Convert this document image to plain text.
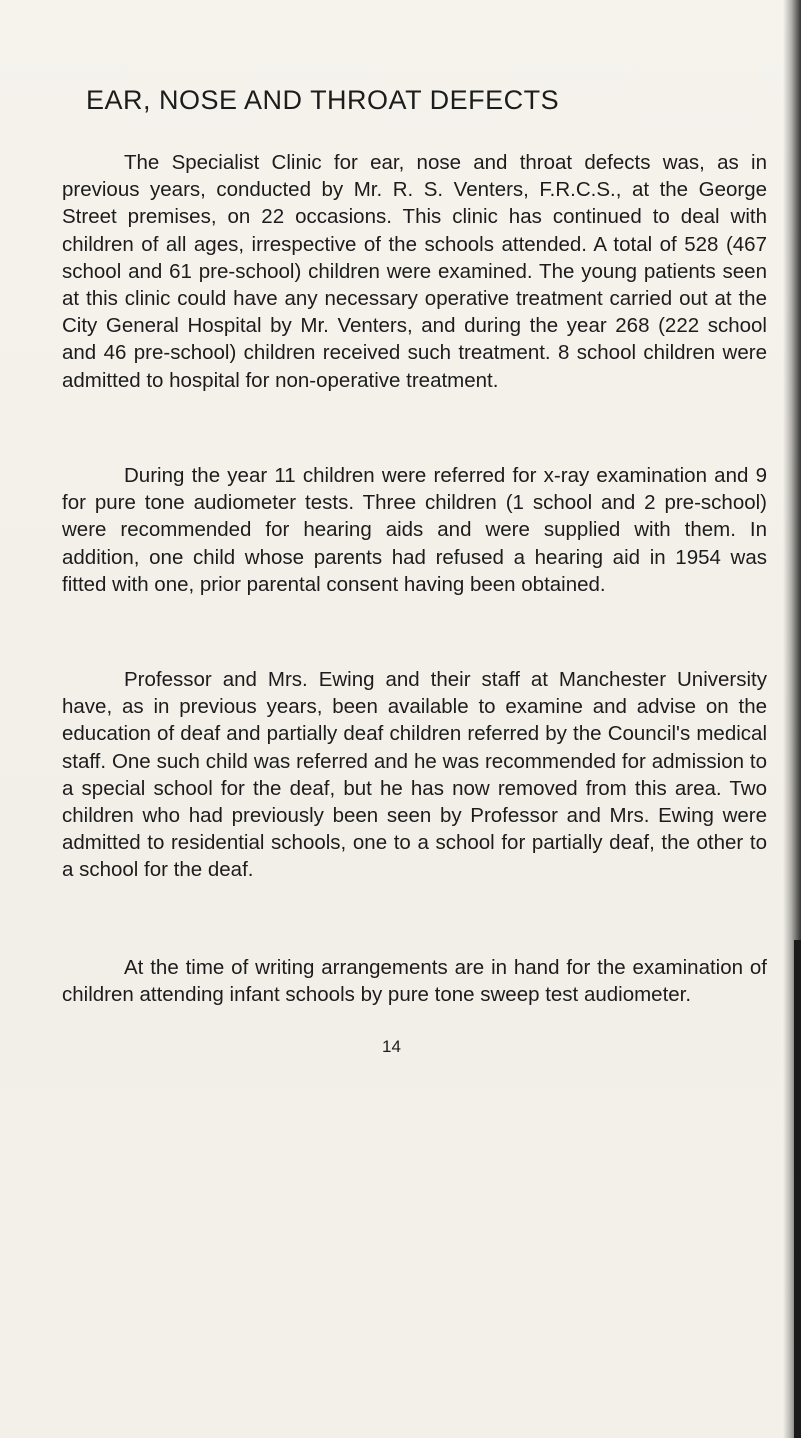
EAR, NOSE AND THROAT DEFECTS

The Specialist Clinic for ear, nose and throat defects was, as in previous years, conducted by Mr. R. S. Venters, F.R.C.S., at the George Street premises, on 22 occasions. This clinic has continued to deal with children of all ages, irrespective of the schools attended. A total of 528 (467 school and 61 pre-school) children were examined. The young patients seen at this clinic could have any necessary operative treatment carried out at the City General Hospital by Mr. Venters, and during the year 268 (222 school and 46 pre-school) children received such treatment. 8 school children were admitted to hospital for non-operative treatment.

During the year 11 children were referred for x-ray examination and 9 for pure tone audiometer tests. Three children (1 school and 2 pre-school) were recommended for hearing aids and were supplied with them. In addition, one child whose parents had refused a hearing aid in 1954 was fitted with one, prior parental consent having been obtained.

Professor and Mrs. Ewing and their staff at Manchester University have, as in previous years, been available to examine and advise on the education of deaf and partially deaf children referred by the Council's medical staff. One such child was referred and he was recommended for admission to a special school for the deaf, but he has now removed from this area. Two children who had previously been seen by Professor and Mrs. Ewing were admitted to residential schools, one to a school for partially deaf, the other to a school for the deaf.

At the time of writing arrangements are in hand for the examination of children attending infant schools by pure tone sweep test audiometer.

14
